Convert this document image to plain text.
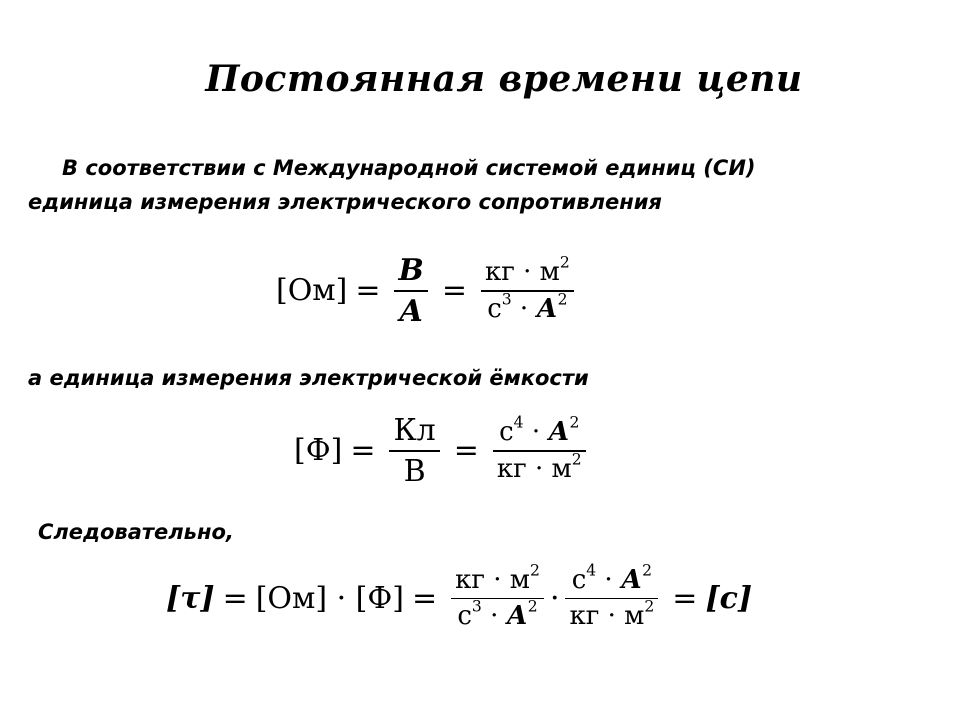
Постоянная времени цепи
В соответствии с Международной системой единиц (СИ)
единица измерения электрического сопротивления
$[Ом] = \frac{В}{А} = \frac{кг \cdot м^2}{с^3 \cdot А^2}$
а единица измерения электрической ёмкости
$[Ф] = \frac{Кл}{В} = \frac{с^4 \cdot А^2}{кг \cdot м^2}$
Следовательно,
$[\tau] = [Ом] \cdot [Ф] = \frac{кг \cdot м^2}{с^3 \cdot А^2} \cdot \frac{с^4 \cdot А^2}{кг \cdot м^2} = [с]$
